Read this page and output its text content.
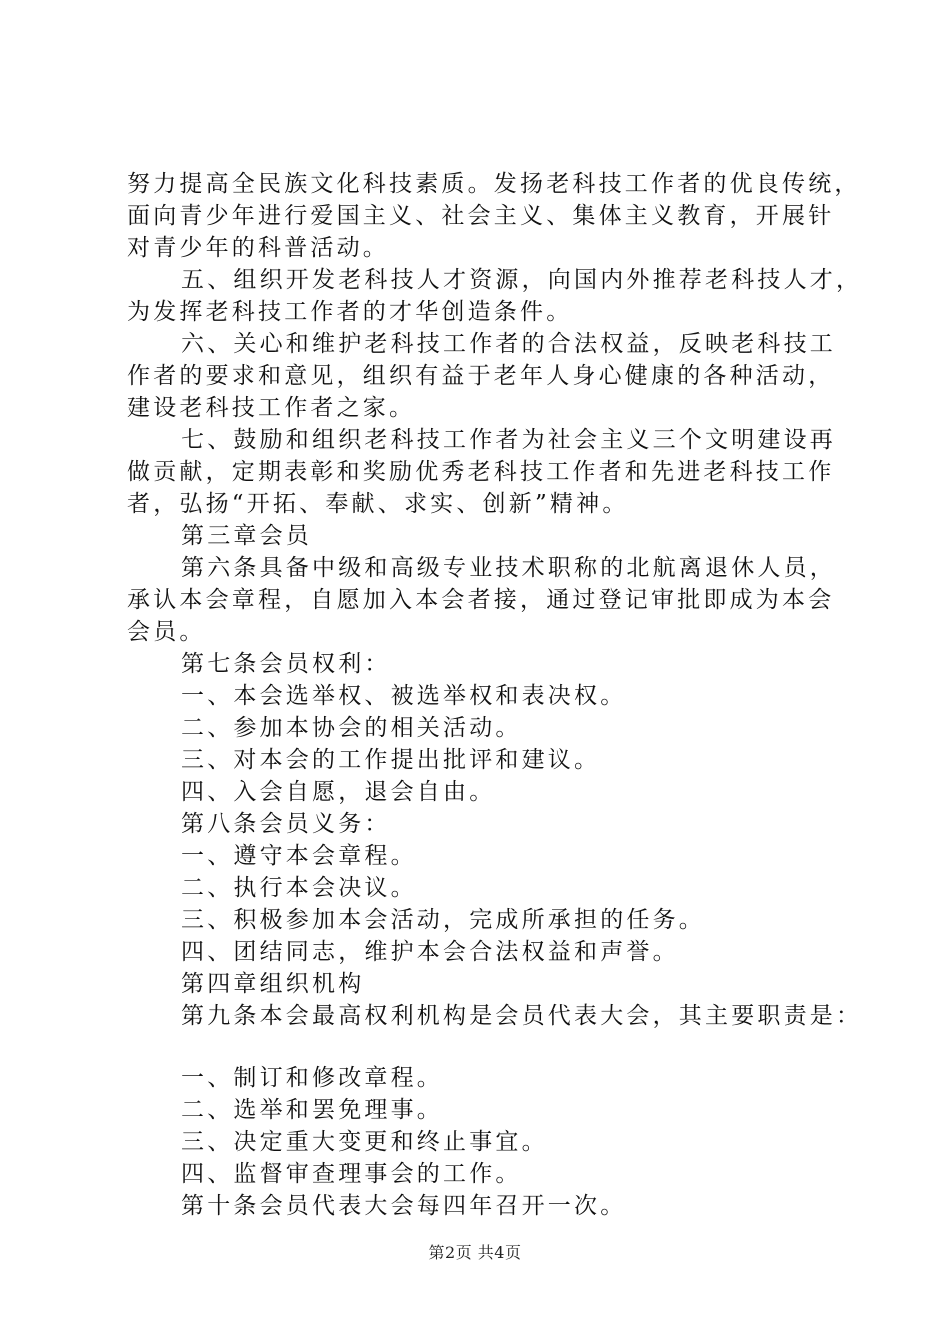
努力提高全民族文化科技素质。发扬老科技工作者的优良传统，
面向青少年进行爱国主义、社会主义、集体主义教育，开展针
对青少年的科普活动。
五、组织开发老科技人才资源，向国内外推荐老科技人才，
为发挥老科技工作者的才华创造条件。
六、关心和维护老科技工作者的合法权益，反映老科技工
作者的要求和意见，组织有益于老年人身心健康的各种活动，
建设老科技工作者之家。
七、鼓励和组织老科技工作者为社会主义三个文明建设再
做贡献，定期表彰和奖励优秀老科技工作者和先进老科技工作
者，弘扬“开拓、奉献、求实、创新”精神。
第三章会员
第六条具备中级和高级专业技术职称的北航离退休人员，
承认本会章程，自愿加入本会者接，通过登记审批即成为本会
会员。
第七条会员权利：
一、本会选举权、被选举权和表决权。
二、参加本协会的相关活动。
三、对本会的工作提出批评和建议。
四、入会自愿，退会自由。
第八条会员义务：
一、遵守本会章程。
二、执行本会决议。
三、积极参加本会活动，完成所承担的任务。
四、团结同志，维护本会合法权益和声誉。
第四章组织机构
第九条本会最高权利机构是会员代表大会，其主要职责是：
一、制订和修改章程。
二、选举和罢免理事。
三、决定重大变更和终止事宜。
四、监督审查理事会的工作。
第十条会员代表大会每四年召开一次。
第2页 共4页
